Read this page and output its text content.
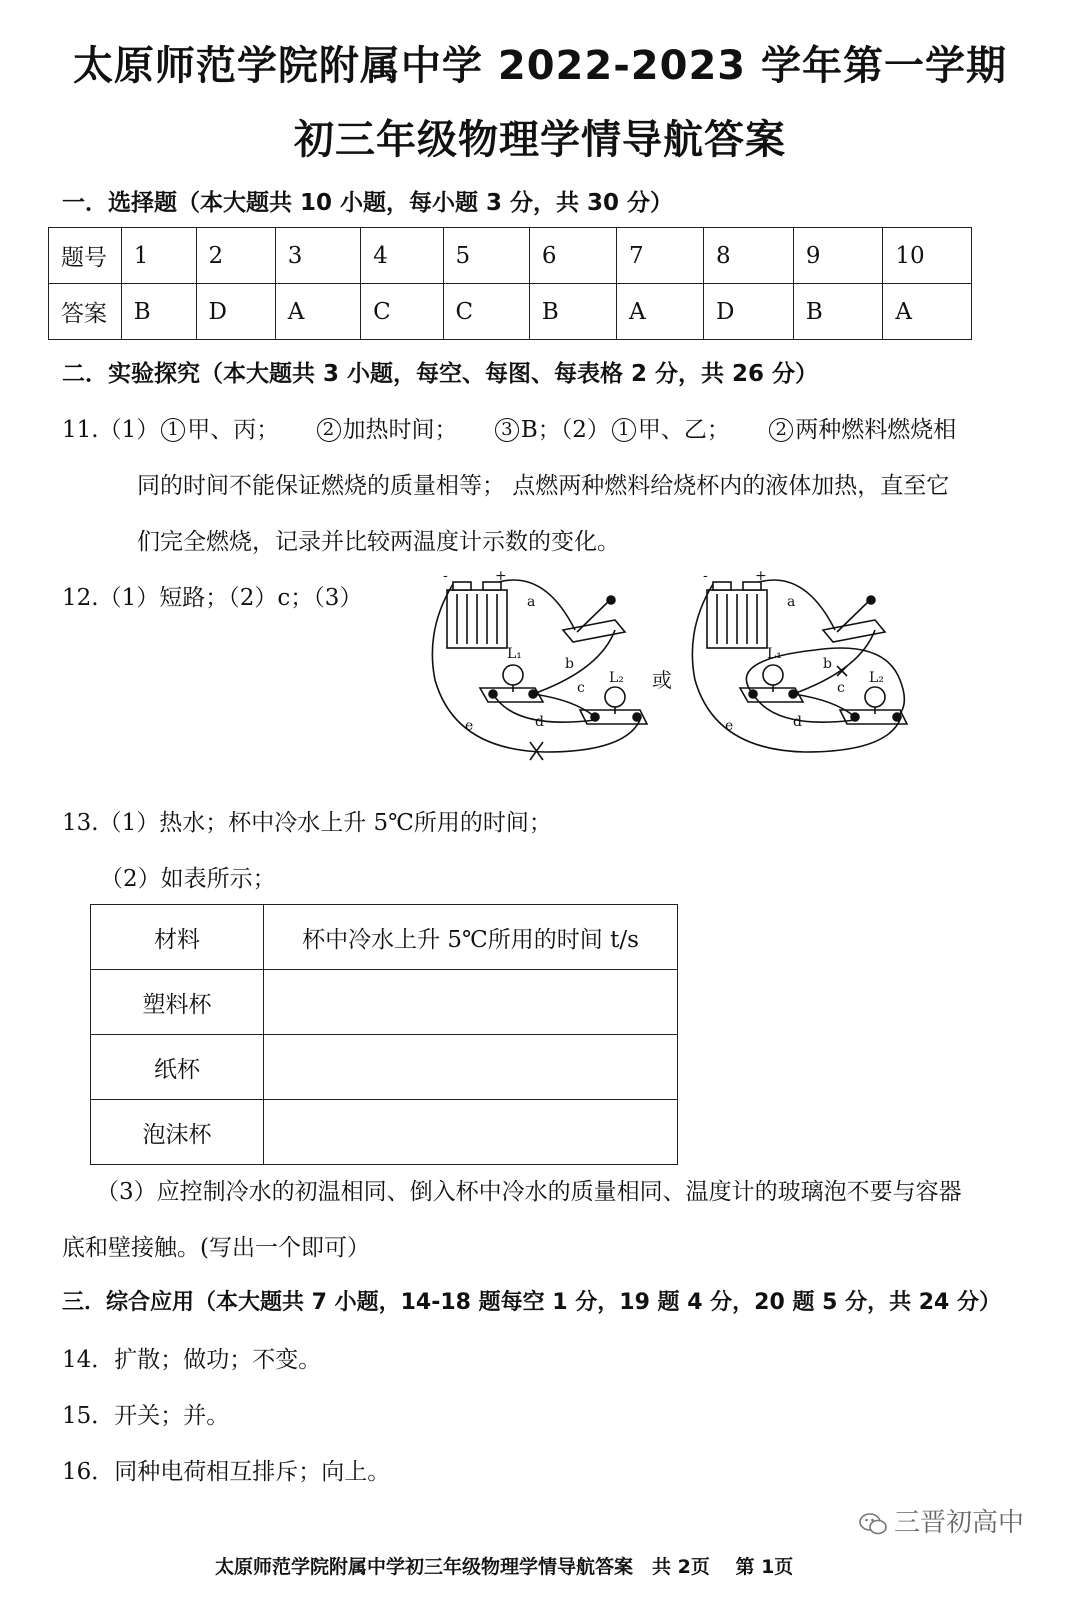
太原师范学院附属中学 2022-2023 学年第一学期
初三年级物理学情导航答案
一．选择题（本大题共 10 小题，每小题 3 分，共 30 分）
题号	1	2	3	4	5	6	7	8	9	10
答案	B	D	A	C	C	B	A	D	B	A
二．实验探究（本大题共 3 小题，每空、每图、每表格 2 分，共 26 分）
11.（1） 1 甲、丙； 2 加热时间； 3 B；（2） 1 甲、乙；	2 两种燃料燃烧相
同的时间不能保证燃烧的质量相等； 点燃两种燃料给烧杯内的液体加热，直至它
们完全燃烧，记录并比较两温度计示数的变化。
12.（1）短路；（2）c；（3）
-	+
a
b
c
d
e
L₁
L₂ 或
-	+
a
b
c
d
e
L₁
L₂
13.（1）热水；杯中冷水上升 5℃所用的时间；
（2）如表所示；
材料	杯中冷水上升 5℃所用的时间 t/s
塑料杯	
纸杯	
泡沫杯	
（3）应控制冷水的初温相同、倒入杯中冷水的质量相同、温度计的玻璃泡不要与容器
底和壁接触。(写出一个即可）
三．综合应用（本大题共 7 小题，14-18 题每空 1 分，19 题 4 分，20 题 5 分，共 24 分）
14．扩散；做功；不变。
15．开关；并。
16．同种电荷相互排斥；向上。
三晋初高中
太原师范学院附属中学初三年级物理学情导航答案　共 2页　 第 1页
